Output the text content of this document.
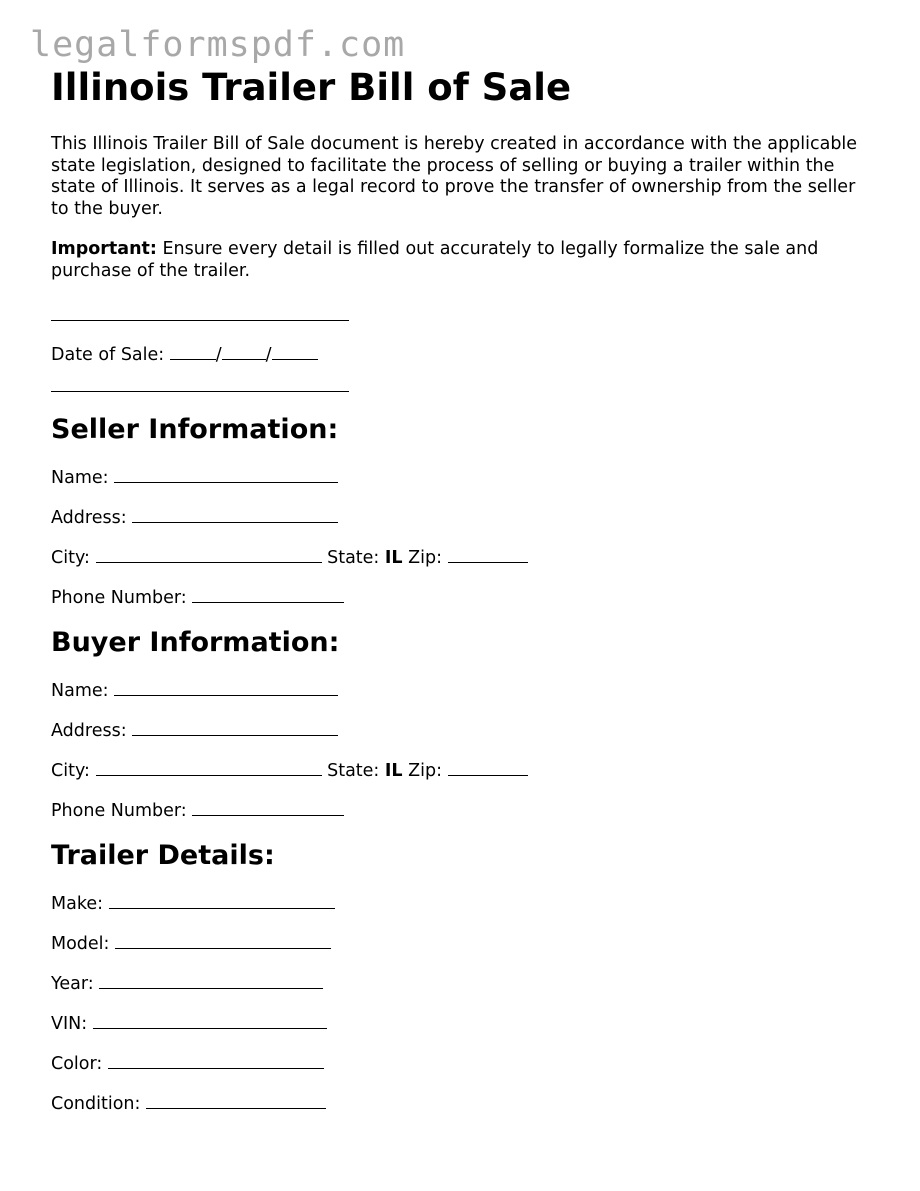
legalformspdf.com
Illinois Trailer Bill of Sale

This Illinois Trailer Bill of Sale document is hereby created in accordance with the applicable state legislation, designed to facilitate the process of selling or buying a trailer within the state of Illinois. It serves as a legal record to prove the transfer of ownership from the seller to the buyer.

Important: Ensure every detail is filled out accurately to legally formalize the sale and purchase of the trailer.

Date of Sale:	/	/
Seller Information:
Name:
Address:
City:	State: IL Zip:
Phone Number:
Buyer Information:
Name:
Address:
City:	State: IL Zip:
Phone Number:
Trailer Details:
Make:
Model:
Year:
VIN:
Color:
Condition:
